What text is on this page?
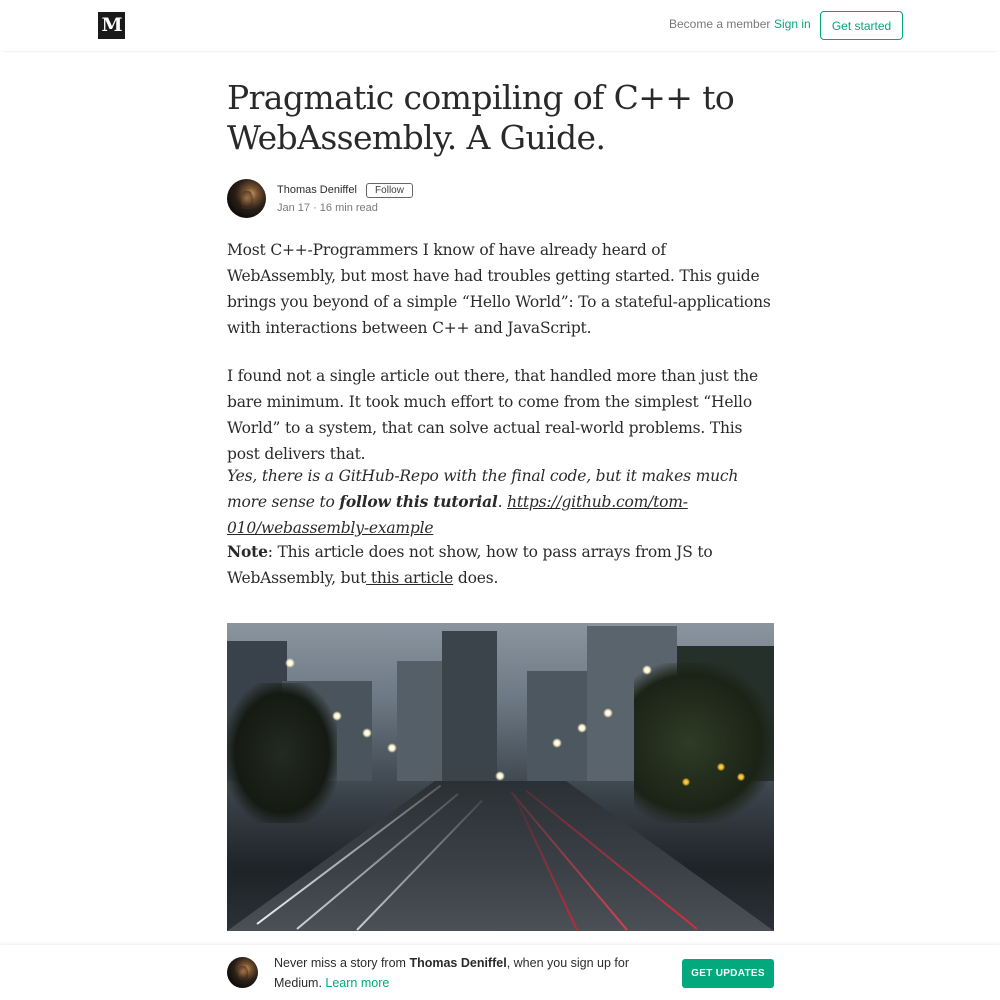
M	Become a member Sign in	Get started
Pragmatic compiling of C++ to WebAssembly. A Guide.
Thomas Deniffel	Follow
Jan 17 · 16 min read

Most C++-Programmers I know of have already heard of WebAssembly, but most have had troubles getting started. This guide brings you beyond of a simple “Hello World”: To a stateful-applications with interactions between C++ and JavaScript.

I found not a single article out there, that handled more than just the bare minimum. It took much effort to come from the simplest “Hello World” to a system, that can solve actual real-world problems. This post delivers that.

Yes, there is a GitHub-Repo with the final code, but it makes much more sense to follow this tutorial. https://github.com/tom-010/webassembly-example

Note: This article does not show, how to pass arrays from JS to WebAssembly, but this article does.

Never miss a story from Thomas Deniffel, when you sign up for Medium. Learn more
GET UPDATES
